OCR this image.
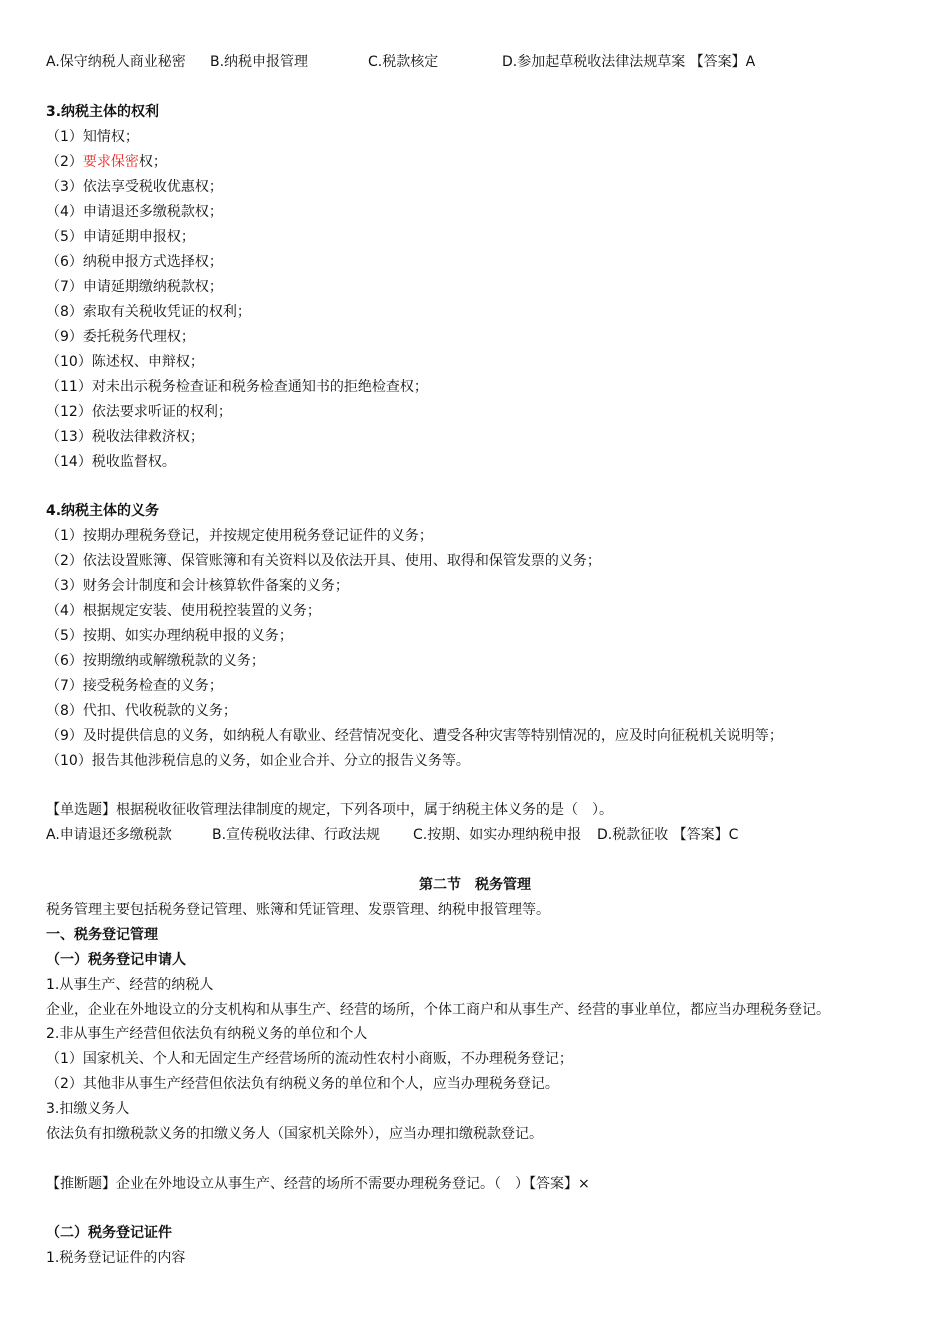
A.保守纳税人商业秘密 B.纳税申报管理	C.税款核定	D.参加起草税收法律法规草案 【答案】A
3.纳税主体的权利
（1）知情权；
（2）要求保密权；
（3）依法享受税收优惠权；
（4）申请退还多缴税款权；
（5）申请延期申报权；
（6）纳税申报方式选择权；
（7）申请延期缴纳税款权；
（8）索取有关税收凭证的权利；
（9）委托税务代理权；
（10）陈述权、申辩权；
（11）对未出示税务检查证和税务检查通知书的拒绝检查权；
（12）依法要求听证的权利；
（13）税收法律救济权；
（14）税收监督权。
4.纳税主体的义务
（1）按期办理税务登记，并按规定使用税务登记证件的义务；
（2）依法设置账簿、保管账簿和有关资料以及依法开具、使用、取得和保管发票的义务；
（3）财务会计制度和会计核算软件备案的义务；
（4）根据规定安装、使用税控装置的义务；
（5）按期、如实办理纳税申报的义务；
（6）按期缴纳或解缴税款的义务；
（7）接受税务检查的义务；
（8）代扣、代收税款的义务；
（9）及时提供信息的义务，如纳税人有歇业、经营情况变化、遭受各种灾害等特别情况的，应及时向征税机关说明等；
（10）报告其他涉税信息的义务，如企业合并、分立的报告义务等。
【单选题】根据税收征收管理法律制度的规定，下列各项中，属于纳税主体义务的是（　）。
A.申请退还多缴税款	B.宣传税收法律、行政法规 C.按期、如实办理纳税申报 D.税款征收 【答案】C
第二节　税务管理
税务管理主要包括税务登记管理、账簿和凭证管理、发票管理、纳税申报管理等。
一、税务登记管理
（一）税务登记申请人
1.从事生产、经营的纳税人
企业，企业在外地设立的分支机构和从事生产、经营的场所，个体工商户和从事生产、经营的事业单位，都应当办理税务登记。
2.非从事生产经营但依法负有纳税义务的单位和个人
（1）国家机关、个人和无固定生产经营场所的流动性农村小商贩，不办理税务登记；
（2）其他非从事生产经营但依法负有纳税义务的单位和个人，应当办理税务登记。
3.扣缴义务人
依法负有扣缴税款义务的扣缴义务人（国家机关除外），应当办理扣缴税款登记。
【推断题】企业在外地设立从事生产、经营的场所不需要办理税务登记。（　）【答案】×
（二）税务登记证件
1.税务登记证件的内容
